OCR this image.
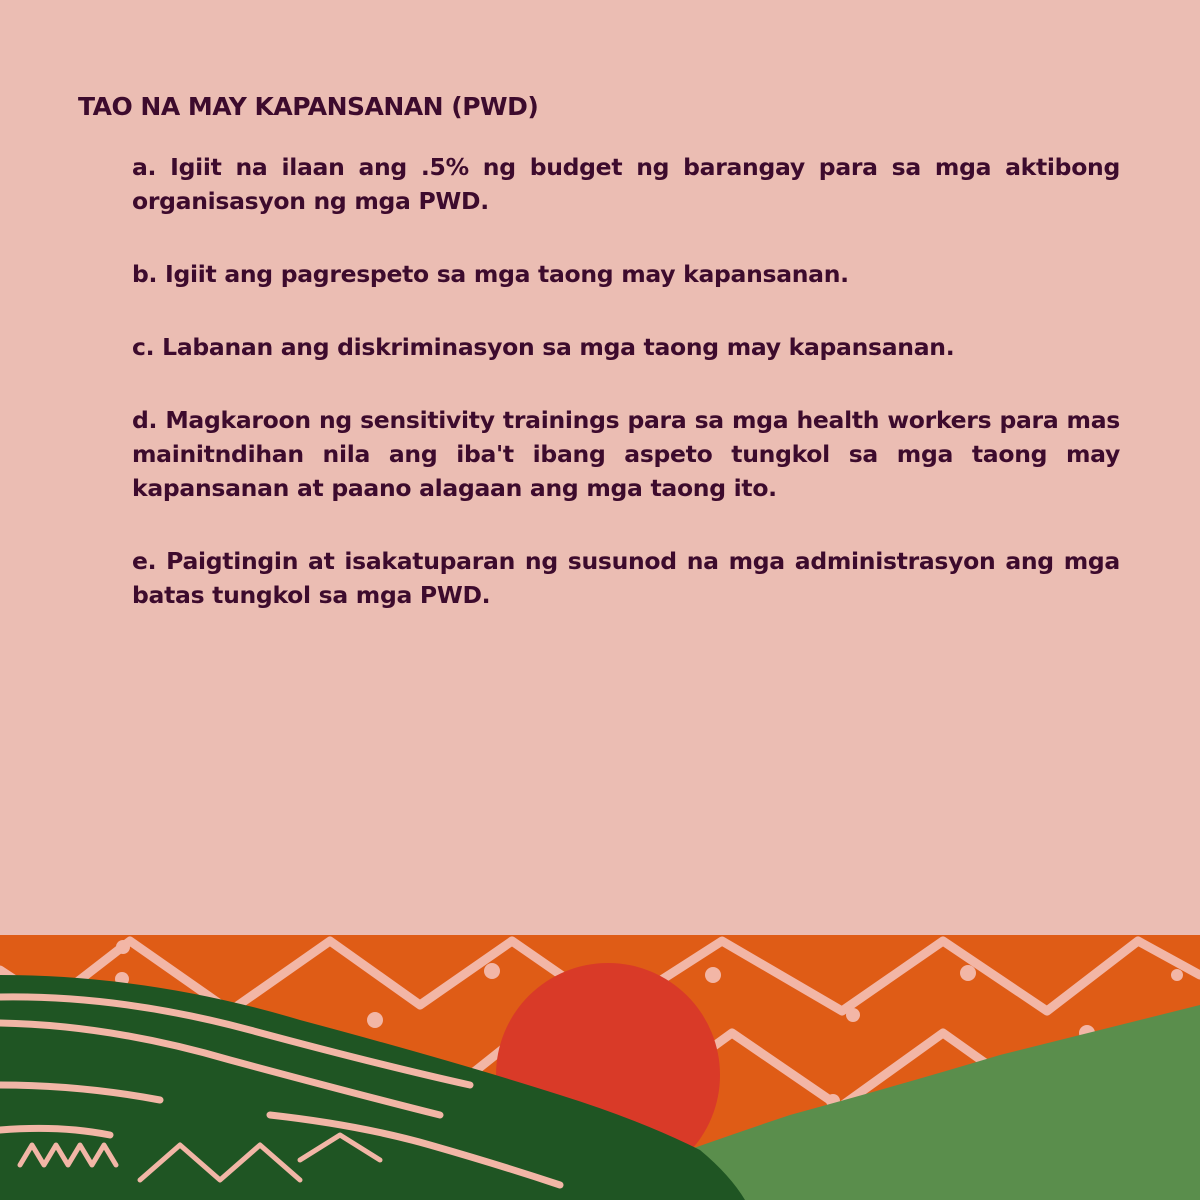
TAO NA MAY KAPANSANAN (PWD)
a. Igiit na ilaan ang .5% ng budget ng barangay para sa mga aktibong organisasyon ng mga PWD.
b. Igiit ang pagrespeto sa mga taong may kapansanan.
c. Labanan ang diskriminasyon sa mga taong may kapansanan.
d. Magkaroon ng sensitivity trainings para sa mga health workers para mas mainitndihan nila ang iba't ibang aspeto tungkol sa mga taong may kapansanan at paano alagaan ang mga taong ito.
e. Paigtingin at isakatuparan ng susunod na mga administrasyon ang mga batas tungkol sa mga PWD.
